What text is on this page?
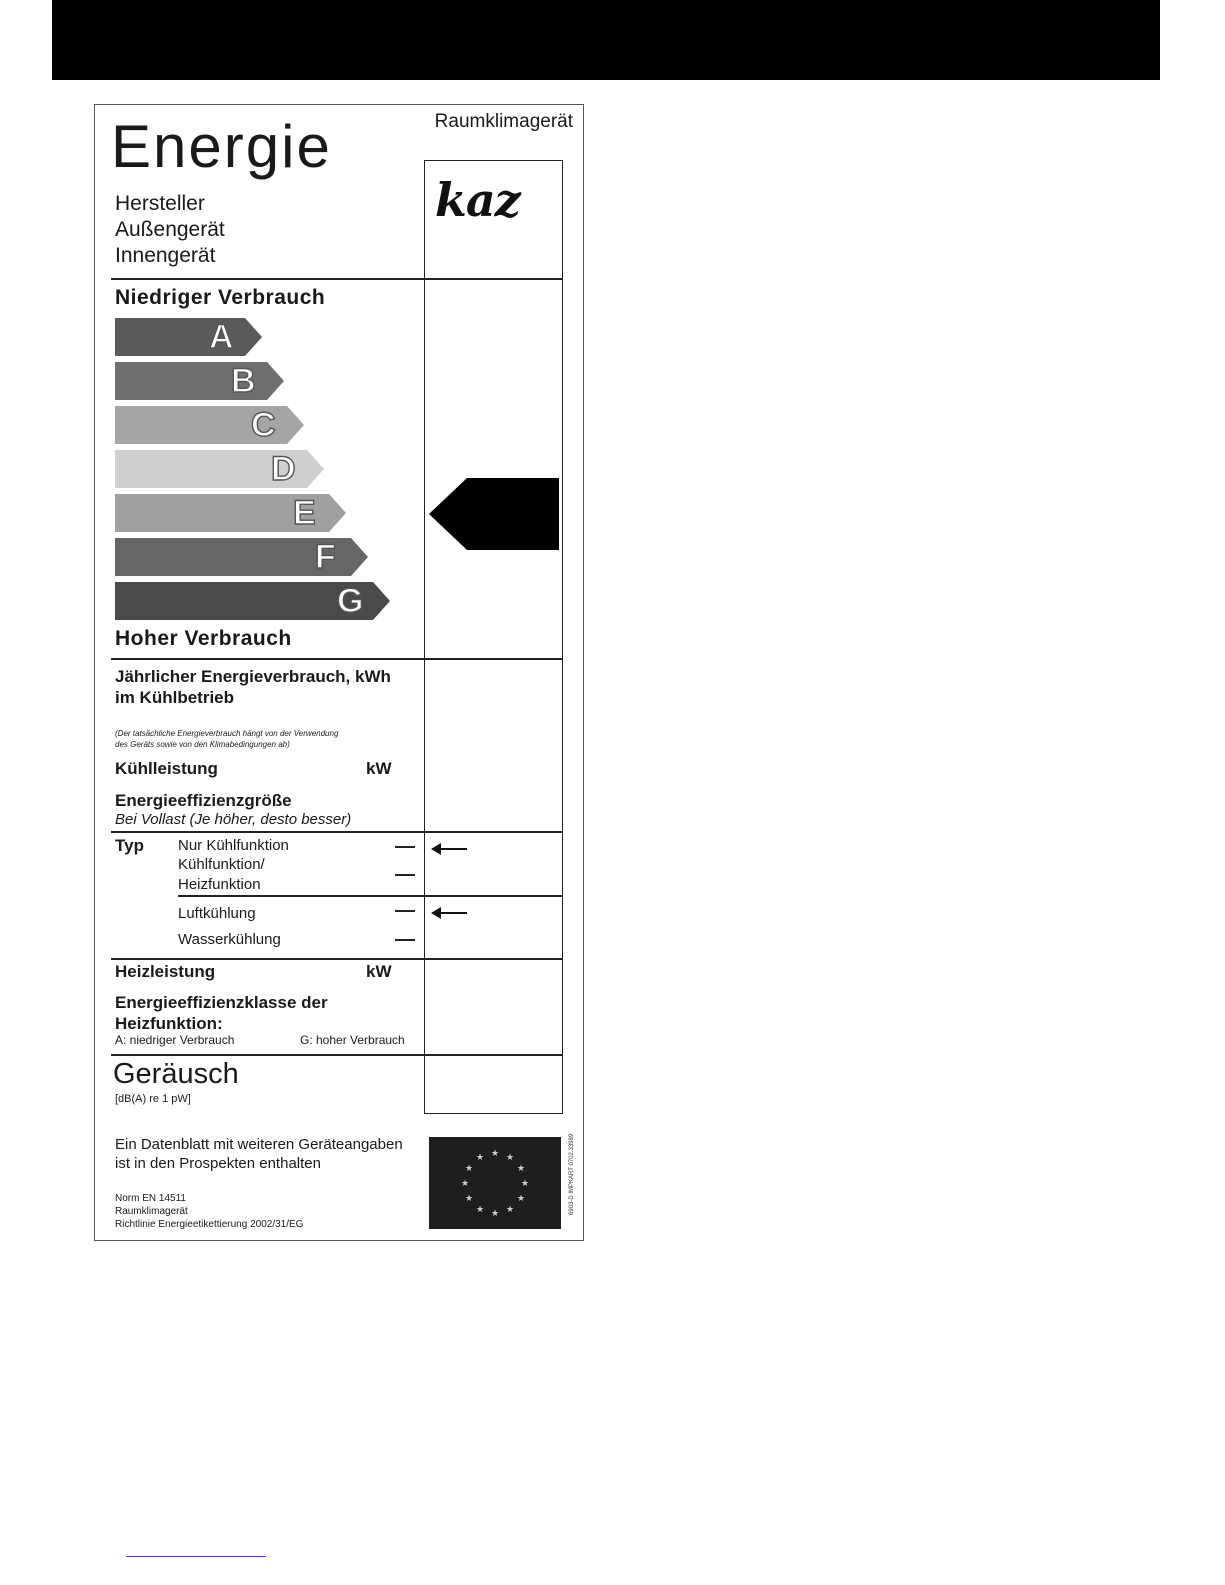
Raumklimagerät
Energie
Hersteller
Außengerät
Innengerät
kaz
Niedriger Verbrauch
A
B
C
D
E
F
G
Hoher Verbrauch
Jährlicher Energieverbrauch, kWh
im Kühlbetrieb
(Der tatsächliche Energieverbrauch hängt von der Verwendung
des Geräts sowie von den Klimabedingungen ab)
Kühlleistung	kW
Energieeffizienzgröße
Bei Vollast (Je höher, desto besser)
Typ Nur Kühlfunktion
Kühlfunktion/
Heizfunktion
Luftkühlung
Wasserkühlung
Heizleistung	kW
Energieeffizienzklasse der
Heizfunktion:
A: niedriger Verbrauch	G: hoher Verbrauch
Geräusch
[dB(A) re 1 pW]
Ein Datenblatt mit weiteren Geräteangaben
ist in den Prospekten enthalten
Norm EN 14511
Raumklimagerät
Richtlinie Energieetikettierung 2002/31/EG
★ ★
★
★
★
★
★
★
★
★
★
★	6903-D IMPKART 0702.33989
